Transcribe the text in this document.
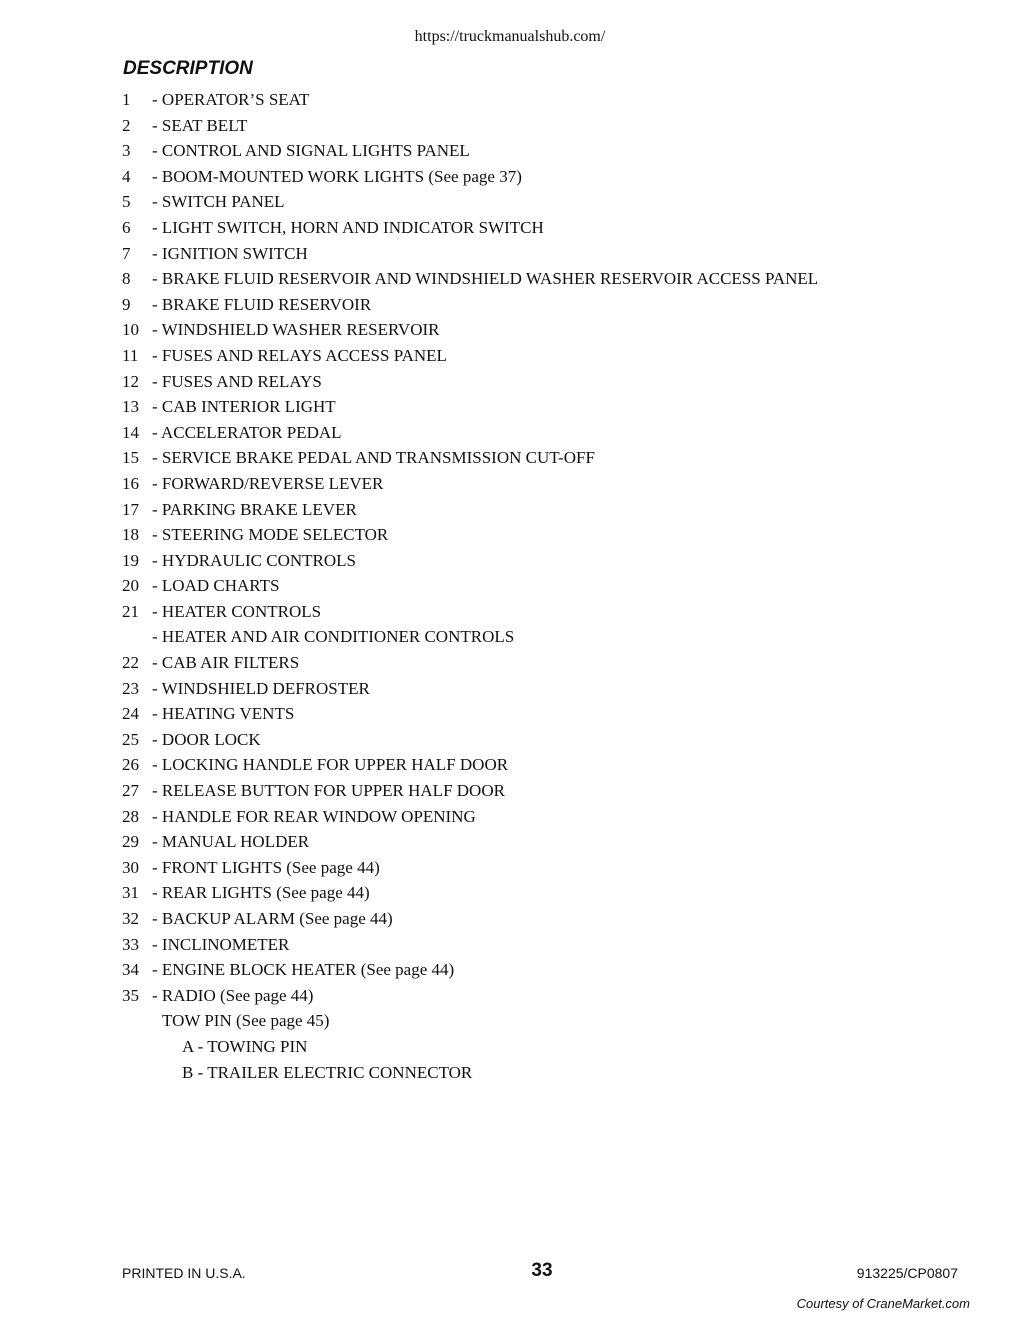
https://truckmanualshub.com/
DESCRIPTION
1 - OPERATOR’S SEAT
2 - SEAT BELT
3 - CONTROL AND SIGNAL LIGHTS PANEL
4 - BOOM-MOUNTED WORK LIGHTS (See page 37)
5 - SWITCH PANEL
6 - LIGHT SWITCH, HORN AND INDICATOR SWITCH
7 - IGNITION SWITCH
8 - BRAKE FLUID RESERVOIR AND WINDSHIELD WASHER RESERVOIR ACCESS PANEL
9 - BRAKE FLUID RESERVOIR
10 - WINDSHIELD WASHER RESERVOIR
11 - FUSES AND RELAYS ACCESS PANEL
12 - FUSES AND RELAYS
13 - CAB INTERIOR LIGHT
14 - ACCELERATOR PEDAL
15 - SERVICE BRAKE PEDAL AND TRANSMISSION CUT-OFF
16 - FORWARD/REVERSE LEVER
17 - PARKING BRAKE LEVER
18 - STEERING MODE SELECTOR
19 - HYDRAULIC CONTROLS
20 - LOAD CHARTS
21 - HEATER CONTROLS
- HEATER AND AIR CONDITIONER CONTROLS
22 - CAB AIR FILTERS
23 - WINDSHIELD DEFROSTER
24 - HEATING VENTS
25 - DOOR LOCK
26 - LOCKING HANDLE FOR UPPER HALF DOOR
27 - RELEASE BUTTON FOR UPPER HALF DOOR
28 - HANDLE FOR REAR WINDOW OPENING
29 - MANUAL HOLDER
30 - FRONT LIGHTS (See page 44)
31 - REAR LIGHTS (See page 44)
32 - BACKUP ALARM (See page 44)
33 - INCLINOMETER
34 - ENGINE BLOCK HEATER (See page 44)
35 - RADIO (See page 44)
TOW PIN (See page 45)
A - TOWING PIN
B - TRAILER ELECTRIC CONNECTOR
PRINTED IN U.S.A.	33	913225/CP0807
Courtesy of CraneMarket.com
